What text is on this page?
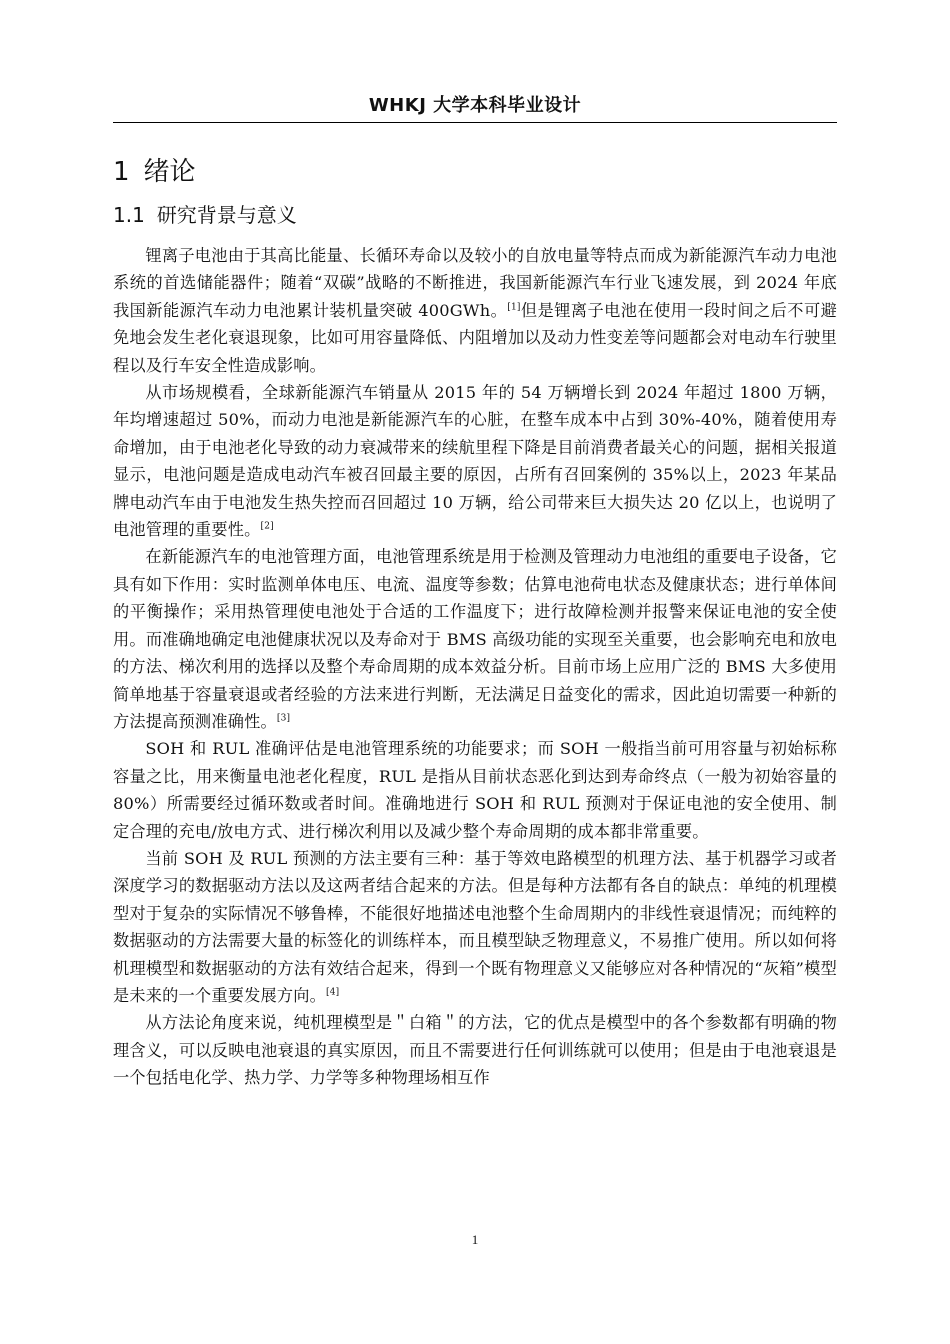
WHKJ 大学本科毕业设计
1 绪论
1.1 研究背景与意义

锂离子电池由于其高比能量、长循环寿命以及较小的自放电量等特点而成为新能源汽车动力电池系统的首选储能器件；随着“双碳”战略的不断推进，我国新能源汽车行业飞速发展，到 2024 年底我国新能源汽车动力电池累计装机量突破 400GWh。[1]但是锂离子电池在使用一段时间之后不可避免地会发生老化衰退现象，比如可用容量降低、内阻增加以及动力性变差等问题都会对电动车行驶里程以及行车安全性造成影响。

从市场规模看，全球新能源汽车销量从 2015 年的 54 万辆增长到 2024 年超过 1800 万辆，年均增速超过 50%，而动力电池是新能源汽车的心脏，在整车成本中占到 30%-40%，随着使用寿命增加，由于电池老化导致的动力衰减带来的续航里程下降是目前消费者最关心的问题，据相关报道显示，电池问题是造成电动汽车被召回最主要的原因，占所有召回案例的 35%以上，2023 年某品牌电动汽车由于电池发生热失控而召回超过 10 万辆，给公司带来巨大损失达 20 亿以上，也说明了电池管理的重要性。[2]

在新能源汽车的电池管理方面，电池管理系统是用于检测及管理动力电池组的重要电子设备，它具有如下作用：实时监测单体电压、电流、温度等参数；估算电池荷电状态及健康状态；进行单体间的平衡操作；采用热管理使电池处于合适的工作温度下；进行故障检测并报警来保证电池的安全使用。而准确地确定电池健康状况以及寿命对于 BMS 高级功能的实现至关重要，也会影响充电和放电的方法、梯次利用的选择以及整个寿命周期的成本效益分析。目前市场上应用广泛的 BMS 大多使用简单地基于容量衰退或者经验的方法来进行判断，无法满足日益变化的需求，因此迫切需要一种新的方法提高预测准确性。[3]

SOH 和 RUL 准确评估是电池管理系统的功能要求；而 SOH 一般指当前可用容量与初始标称容量之比，用来衡量电池老化程度，RUL 是指从目前状态恶化到达到寿命终点（一般为初始容量的 80%）所需要经过循环数或者时间。准确地进行 SOH 和 RUL 预测对于保证电池的安全使用、制定合理的充电/放电方式、进行梯次利用以及减少整个寿命周期的成本都非常重要。

当前 SOH 及 RUL 预测的方法主要有三种：基于等效电路模型的机理方法、基于机器学习或者深度学习的数据驱动方法以及这两者结合起来的方法。但是每种方法都有各自的缺点：单纯的机理模型对于复杂的实际情况不够鲁棒，不能很好地描述电池整个生命周期内的非线性衰退情况；而纯粹的数据驱动的方法需要大量的标签化的训练样本，而且模型缺乏物理意义，不易推广使用。所以如何将机理模型和数据驱动的方法有效结合起来，得到一个既有物理意义又能够应对各种情况的“灰箱”模型是未来的一个重要发展方向。[4]

从方法论角度来说，纯机理模型是＂白箱＂的方法，它的优点是模型中的各个参数都有明确的物理含义，可以反映电池衰退的真实原因，而且不需要进行任何训练就可以使用；但是由于电池衰退是一个包括电化学、热力学、力学等多种物理场相互作

1
